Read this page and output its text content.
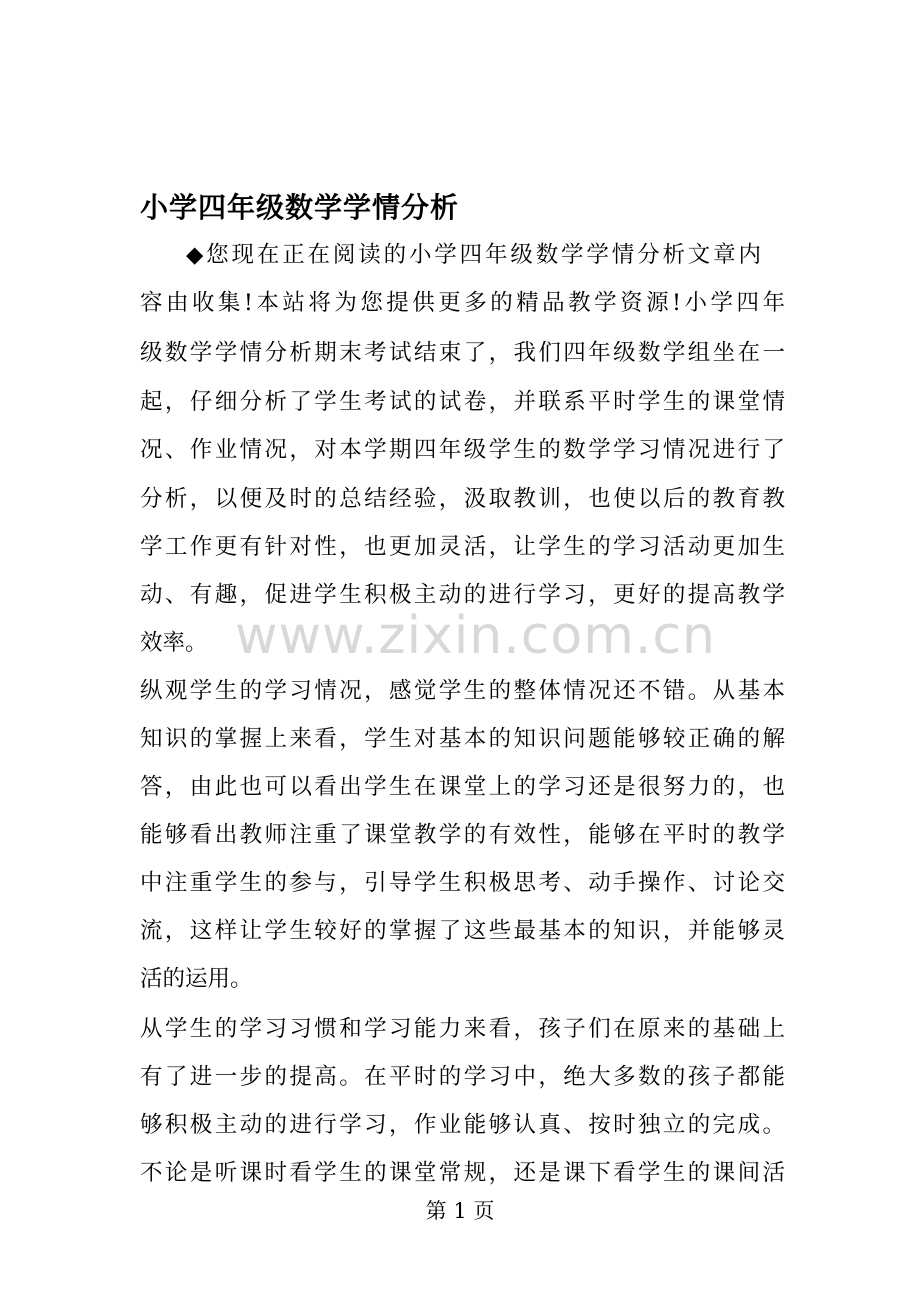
小学四年级数学学情分析
◆您现在正在阅读的小学四年级数学学情分析文章内
容由收集!本站将为您提供更多的精品教学资源!小学四年
级数学学情分析期末考试结束了，我们四年级数学组坐在一
起，仔细分析了学生考试的试卷，并联系平时学生的课堂情
况、作业情况，对本学期四年级学生的数学学习情况进行了
分析，以便及时的总结经验，汲取教训，也使以后的教育教
学工作更有针对性，也更加灵活，让学生的学习活动更加生
动、有趣，促进学生积极主动的进行学习，更好的提高教学
效率。
纵观学生的学习情况，感觉学生的整体情况还不错。从基本
知识的掌握上来看，学生对基本的知识问题能够较正确的解
答，由此也可以看出学生在课堂上的学习还是很努力的，也
能够看出教师注重了课堂教学的有效性，能够在平时的教学
中注重学生的参与，引导学生积极思考、动手操作、讨论交
流，这样让学生较好的掌握了这些最基本的知识，并能够灵
活的运用。
从学生的学习习惯和学习能力来看，孩子们在原来的基础上
有了进一步的提高。在平时的学习中，绝大多数的孩子都能
够积极主动的进行学习，作业能够认真、按时独立的完成。
不论是听课时看学生的课堂常规，还是课下看学生的课间活
www.zixin.com.cn
第 1 页
